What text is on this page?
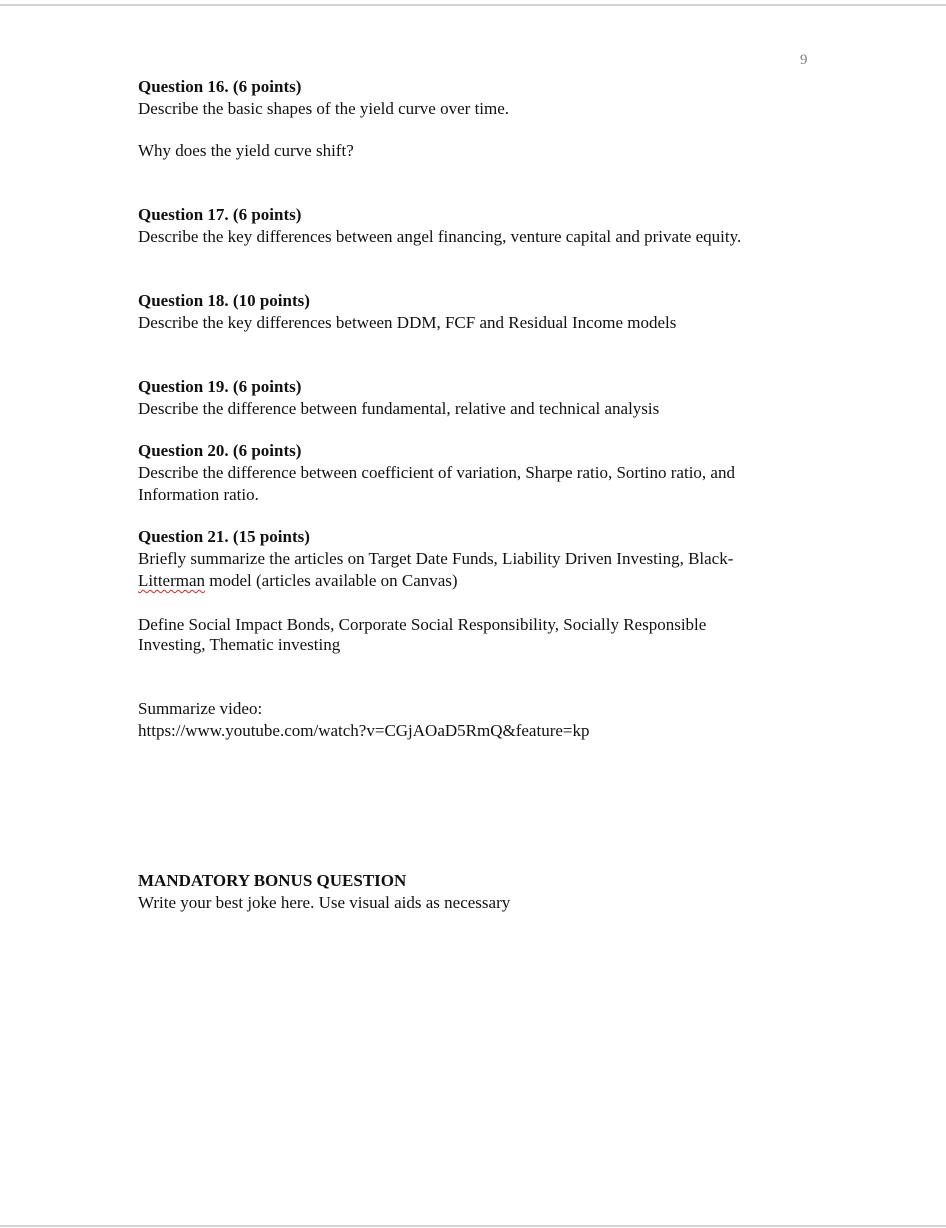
9
Question 16. (6 points)
Describe the basic shapes of the yield curve over time.
Why does the yield curve shift?
Question 17. (6 points)
Describe the key differences between angel financing, venture capital and private equity.
Question 18. (10 points)
Describe the key differences between DDM, FCF and Residual Income models
Question 19. (6 points)
Describe the difference between fundamental, relative and technical analysis
Question 20. (6 points)
Describe the difference between coefficient of variation, Sharpe ratio, Sortino ratio, and
Information ratio.
Question 21. (15 points)
Briefly summarize the articles on Target Date Funds, Liability Driven Investing, Black-
Litterman model (articles available on Canvas)
Define Social Impact Bonds, Corporate Social Responsibility, Socially Responsible
Investing, Thematic investing
Summarize video:
https://www.youtube.com/watch?v=CGjAOaD5RmQ&feature=kp
MANDATORY BONUS QUESTION
Write your best joke here. Use visual aids as necessary
